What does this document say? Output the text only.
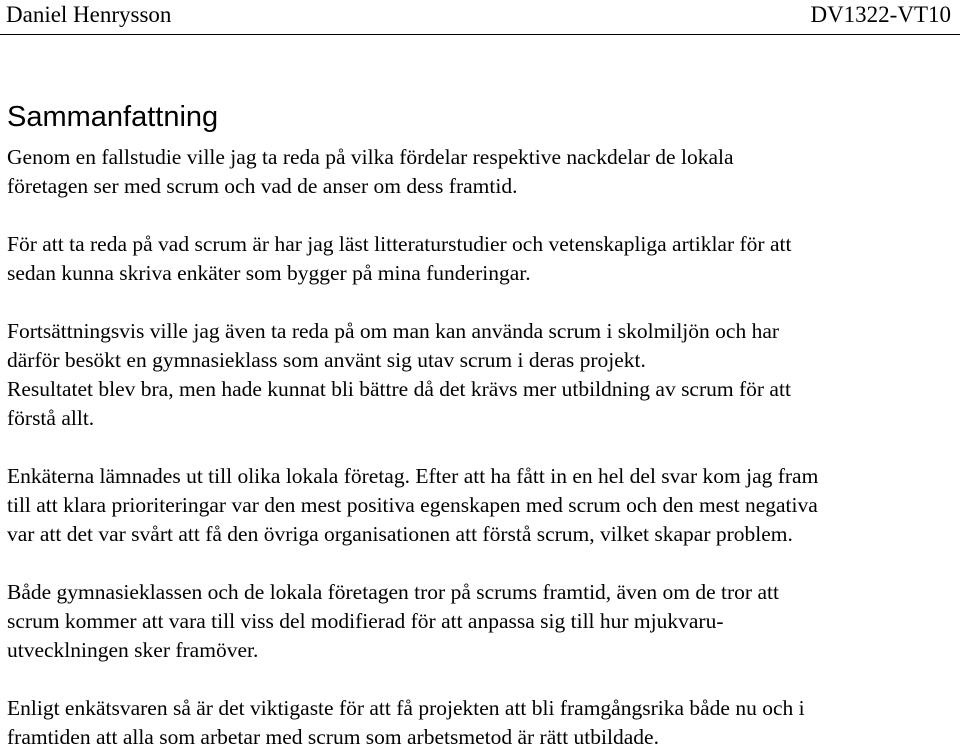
Daniel Henrysson	DV1322-VT10
Sammanfattning

Genom en fallstudie ville jag ta reda på vilka fördelar respektive nackdelar de lokala
företagen ser med scrum och vad de anser om dess framtid.

För att ta reda på vad scrum är har jag läst litteraturstudier och vetenskapliga artiklar för att
sedan kunna skriva enkäter som bygger på mina funderingar.

Fortsättningsvis ville jag även ta reda på om man kan använda scrum i skolmiljön och har
därför besökt en gymnasieklass som använt sig utav scrum i deras projekt.

Resultatet blev bra, men hade kunnat bli bättre då det krävs mer utbildning av scrum för att
förstå allt.

Enkäterna lämnades ut till olika lokala företag. Efter att ha fått in en hel del svar kom jag fram
till att klara prioriteringar var den mest positiva egenskapen med scrum och den mest negativa
var att det var svårt att få den övriga organisationen att förstå scrum, vilket skapar problem.

Både gymnasieklassen och de lokala företagen tror på scrums framtid, även om de tror att
scrum kommer att vara till viss del modifierad för att anpassa sig till hur mjukvaru-
utvecklningen sker framöver.

Enligt enkätsvaren så är det viktigaste för att få projekten att bli framgångsrika både nu och i
framtiden att alla som arbetar med scrum som arbetsmetod är rätt utbildade.
